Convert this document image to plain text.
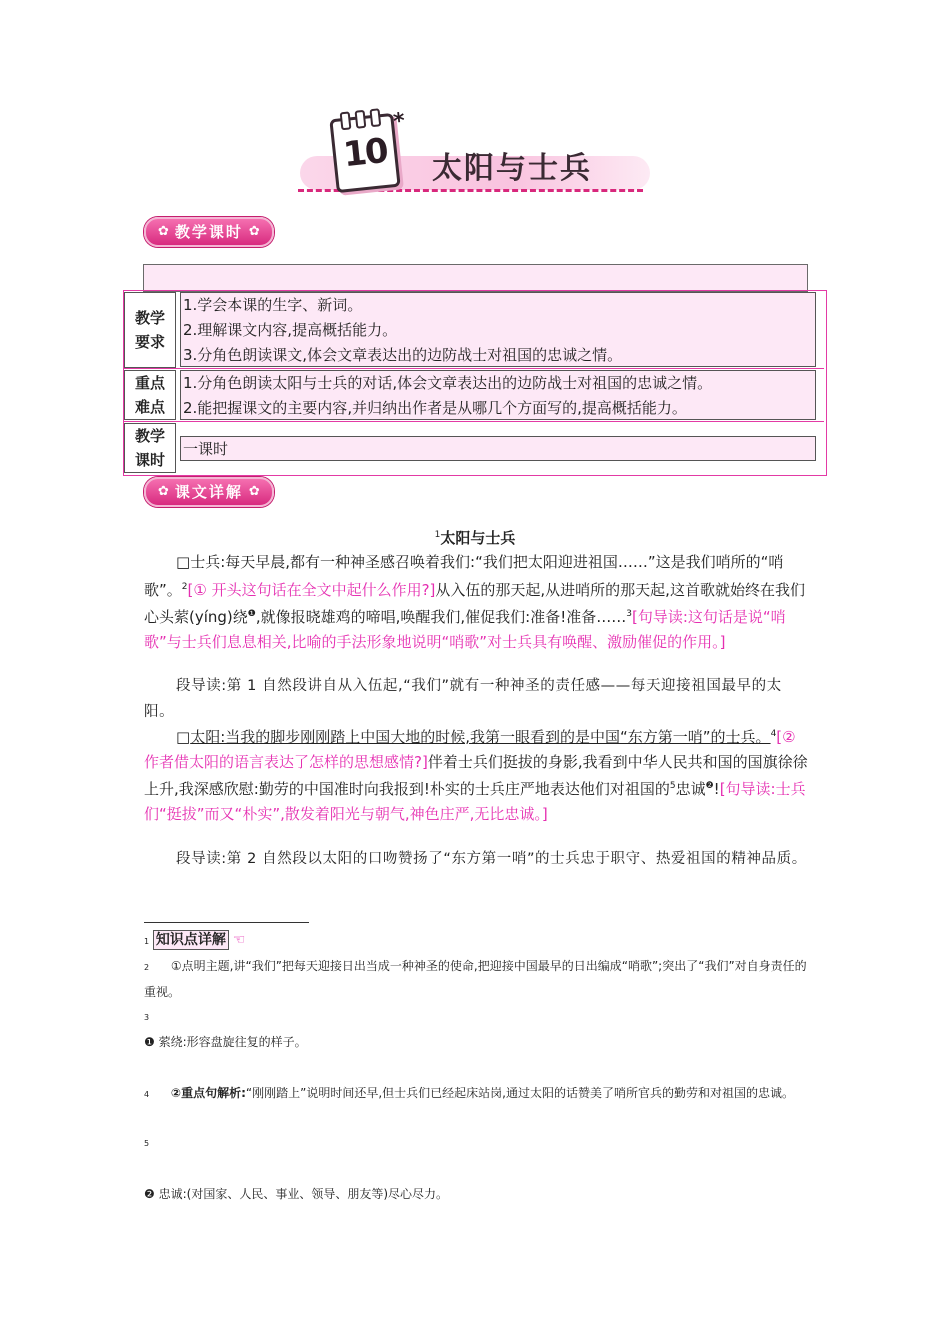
10
*
太阳与士兵
✿ 教学课时 ✿
教学
要求
1.学会本课的生字、新词。
2.理解课文内容,提高概括能力。
3.分角色朗读课文,体会文章表达出的边防战士对祖国的忠诚之情。
重点
难点
1.分角色朗读太阳与士兵的对话,体会文章表达出的边防战士对祖国的忠诚之情。
2.能把握课文的主要内容,并归纳出作者是从哪几个方面写的,提高概括能力。
教学
课时
一课时
✿ 课文详解 ✿
$^1$太阳与士兵
□士兵:每天早晨,都有一种神圣感召唤着我们:“我们把太阳迎进祖国……”这是我们哨所的“哨歌”。$^2$[① 开头这句话在全文中起什么作用?]从入伍的那天起,从进哨所的那天起,这首歌就始终在我们心头萦(yíng)绕$^❶$,就像报晓雄鸡的啼唱,唤醒我们,催促我们:准备!准备……$^3$[句导读:这句话是说“哨歌”与士兵们息息相关,比喻的手法形象地说明“哨歌”对士兵具有唤醒、激励催促的作用。]
段导读:第 1 自然段讲自从入伍起,“我们”就有一种神圣的责任感——每天迎接祖国最早的太阳。
□太阳:当我的脚步刚刚踏上中国大地的时候,我第一眼看到的是中国“东方第一哨”的士兵。$^4$[② 作者借太阳的语言表达了怎样的思想感情?]伴着士兵们挺拔的身影,我看到中华人民共和国的国旗徐徐上升,我深感欣慰:勤劳的中国准时向我报到!朴实的士兵庄严地表达他们对祖国的$^5$忠诚$^❷$![句导读:士兵们“挺拔”而又“朴实”,散发着阳光与朝气,神色庄严,无比忠诚。]
段导读:第 2 自然段以太阳的口吻赞扬了“东方第一哨”的士兵忠于职守、热爱祖国的精神品质。
1 知识点详解 ☜
2 ①点明主题,讲“我们”把每天迎接日出当成一种神圣的使命,把迎接中国最早的日出编成“哨歌”;突出了“我们”对自身责任的重视。
3
❶ 萦绕:形容盘旋往复的样子。
4 ②重点句解析:“刚刚踏上”说明时间还早,但士兵们已经起床站岗,通过太阳的话赞美了哨所官兵的勤劳和对祖国的忠诚。
5
❷ 忠诚:(对国家、人民、事业、领导、朋友等)尽心尽力。
